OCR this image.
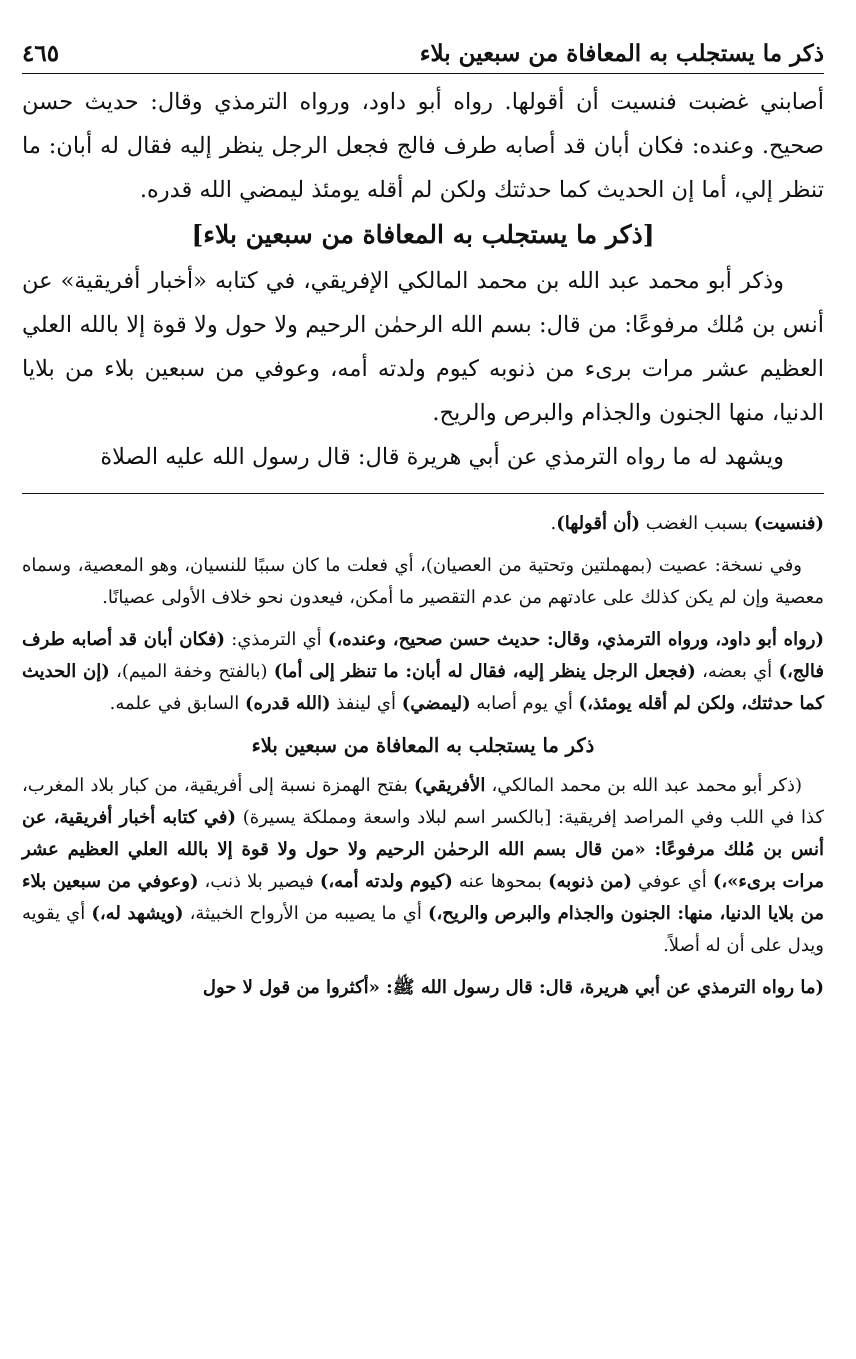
ذكر ما يستجلب به المعافاة من سبعين بلاء
٤٦٥

أصابني غضبت فنسيت أن أقولها. رواه أبو داود، ورواه الترمذي وقال: حديث حسن صحيح. وعنده: فكان أبان قد أصابه طرف فالج فجعل الرجل ينظر إليه فقال له أبان: ما تنظر إلي، أما إن الحديث كما حدثتك ولكن لم أقله يومئذ ليمضي الله قدره.

[ذكر ما يستجلب به المعافاة من سبعين بلاء]

وذكر أبو محمد عبد الله بن محمد المالكي الإفريقي، في كتابه «أخبار أفريقية» عن أنس بن مُلك مرفوعًا: من قال: بسم الله الرحمٰن الرحيم ولا حول ولا قوة إلا بالله العلي العظيم عشر مرات برىء من ذنوبه كيوم ولدته أمه، وعوفي من سبعين بلاء من بلايا الدنيا، منها الجنون والجذام والبرص والريح.

ويشهد له ما رواه الترمذي عن أبي هريرة قال: قال رسول الله عليه الصلاة

(فنسيت) بسبب الغضب (أن أقولها).

وفي نسخة: عصيت (بمهملتين وتحتية من العصيان)، أي فعلت ما كان سببًا للنسيان، وهو المعصية، وسماه معصية وإن لم يكن كذلك على عادتهم من عدم التقصير ما أمكن، فيعدون نحو خلاف الأولى عصيانًا.

(رواه أبو داود، ورواه الترمذي، وقال: حديث حسن صحيح، وعنده،) أي الترمذي: (فكان أبان قد أصابه طرف فالج،) أي بعضه، (فجعل الرجل ينظر إليه، فقال له أبان: ما تنظر إلى أما) (بالفتح وخفة الميم)، (إن الحديث كما حدثتك، ولكن لم أقله يومئذ،) أي يوم أصابه (ليمضي) أي لينفذ (الله قدره) السابق في علمه.

ذكر ما يستجلب به المعافاة من سبعين بلاء

(ذكر أبو محمد عبد الله بن محمد المالكي، الأفريقي) بفتح الهمزة نسبة إلى أفريقية، من كبار بلاد المغرب، كذا في اللب وفي المراصد إفريقية: [بالكسر اسم لبلاد واسعة ومملكة يسيرة) (في كتابه أخبار أفريقية، عن أنس بن مُلك مرفوعًا: «من قال بسم الله الرحمٰن الرحيم ولا حول ولا قوة إلا بالله العلي العظيم عشر مرات برىء»،) أي عوفي (من ذنوبه) بمحوها عنه (كيوم ولدته أمه،) فيصير بلا ذنب، (وعوفي من سبعين بلاء من بلايا الدنيا، منها: الجنون والجذام والبرص والريح،) أي ما يصيبه من الأرواح الخبيثة، (ويشهد له،) أي يقويه ويدل على أن له أصلاً.

(ما رواه الترمذي عن أبي هريرة، قال: قال رسول الله ﷺ: «أكثروا من قول لا حول
